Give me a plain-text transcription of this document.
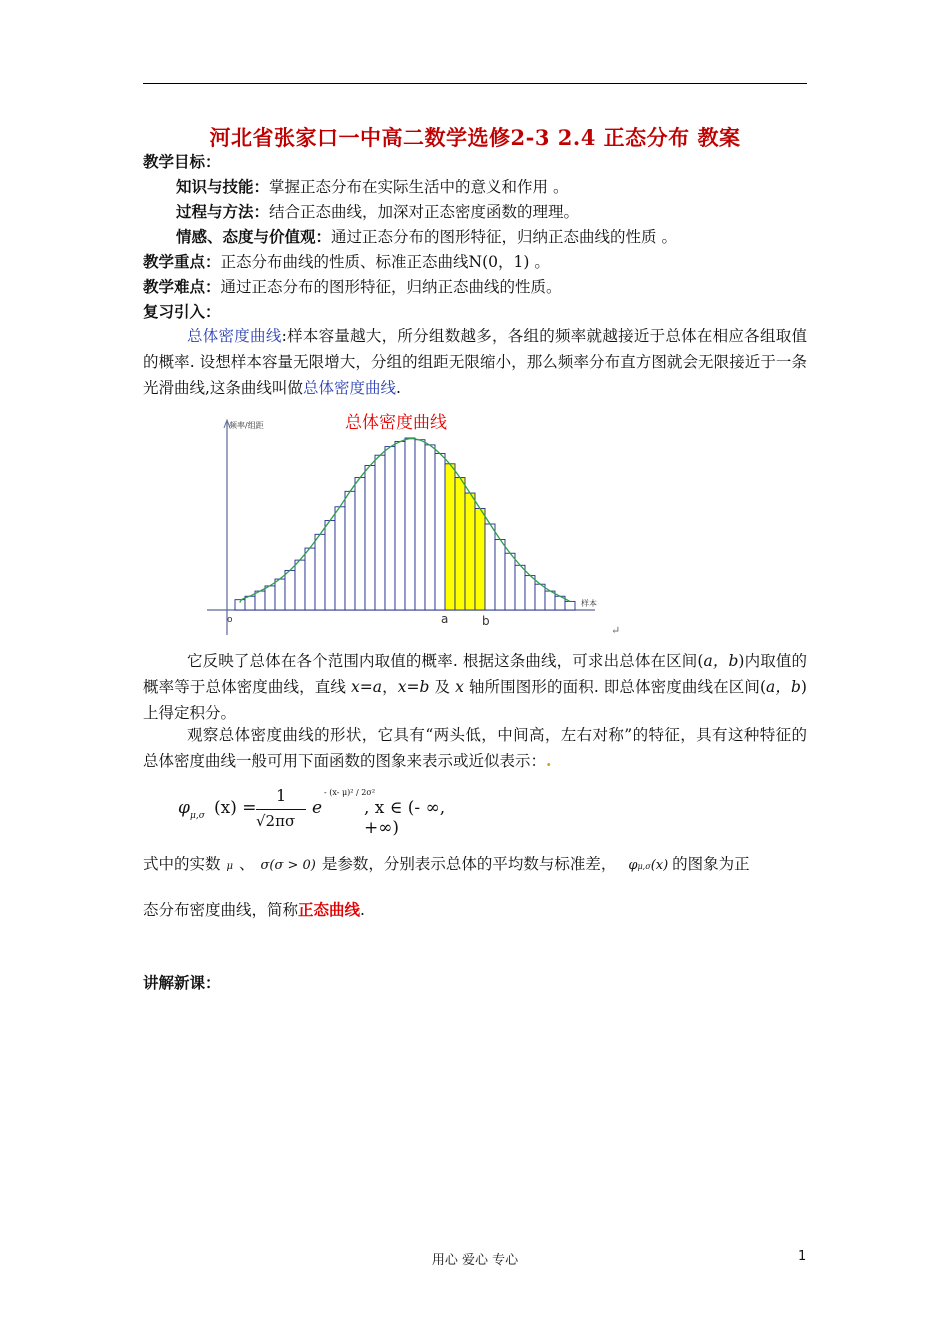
河北省张家口一中高二数学选修2-3 2.4 正态分布 教案
教学目标：
知识与技能：掌握正态分布在实际生活中的意义和作用 。
过程与方法：结合正态曲线，加深对正态密度函数的理理。
情感、态度与价值观：通过正态分布的图形特征，归纳正态曲线的性质 。
教学重点：正态分布曲线的性质、标准正态曲线N(0，1) 。
教学难点：通过正态分布的图形特征，归纳正态曲线的性质。
复习引入：
总体密度曲线:样本容量越大，所分组数越多，各组的频率就越接近于总体在相应各组取值的概率. 设想样本容量无限增大，分组的组距无限缩小，那么频率分布直方图就会无限接近于一条光滑曲线,这条曲线叫做总体密度曲线.
总体密度曲线
频率/组距
样本
o	a	b
↵
它反映了总体在各个范围内取值的概率. 根据这条曲线，可求出总体在区间(a，b)内取值的概率等于总体密度曲线，直线 x=a，x=b 及 x 轴所围图形的面积. 即总体密度曲线在区间(a，b)上得定积分。
观察总体密度曲线的形状，它具有“两头低，中间高，左右对称”的特征，具有这种特征的总体密度曲线一般可用下面函数的图象来表示或近似表示：.
φ μ,σ (x) =
1
√2πσ
e
- (x- μ)² / 2σ²
, x ∈ (- ∞, +∞)
式中的实数 μ 、 σ(σ > 0) 是参数，分别表示总体的平均数与标准差， φμ,σ(x) 的图象为正
态分布密度曲线，简称正态曲线.
讲解新课：
用心 爱心 专心	1
